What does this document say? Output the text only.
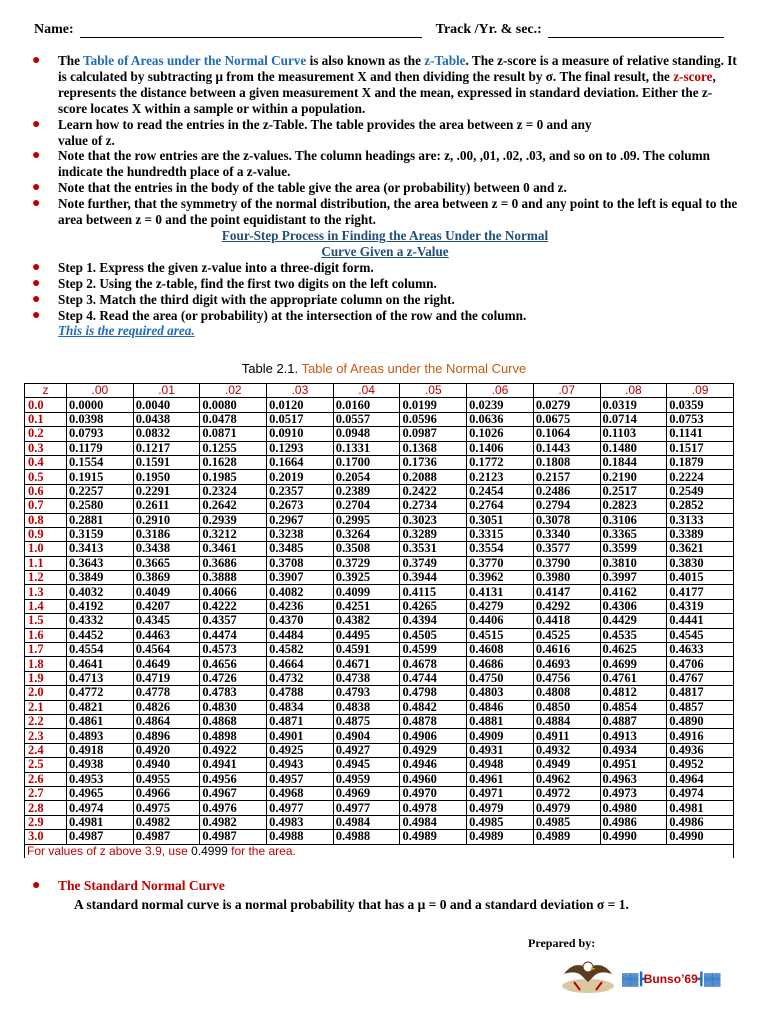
Name:	Track /Yr. & sec.:
● The Table of Areas under the Normal Curve is also known as the z-Table. The z-score is a measure of relative standing. It is calculated by subtracting μ from the measurement X and then dividing the result by σ. The final result, the z-score, represents the distance between a given measurement X and the mean, expressed in standard deviation. Either the z-score locates X within a sample or within a population.
● Learn how to read the entries in the z-Table. The table provides the area between z = 0 and any value of z.
● Note that the row entries are the z-values. The column headings are: z, .00, ,01, .02, .03, and so on to .09. The column indicate the hundredth place of a z-value.
● Note that the entries in the body of the table give the area (or probability) between 0 and z.
● Note further, that the symmetry of the normal distribution, the area between z = 0 and any point to the left is equal to the area between z = 0 and the point equidistant to the right.
Four-Step Process in Finding the Areas Under the Normal
Curve Given a z-Value
● Step 1. Express the given z-value into a three-digit form.
● Step 2. Using the z-table, find the first two digits on the left column.
● Step 3. Match the third digit with the appropriate column on the right.
● Step 4. Read the area (or probability) at the intersection of the row and the column.
This is the required area.
Table 2.1. Table of Areas under the Normal Curve
z	.00	.01	.02	.03	.04	.05	.06	.07	.08	.09
0.0	0.0000	0.0040	0.0080	0.0120	0.0160	0.0199	0.0239	0.0279	0.0319	0.0359
0.1	0.0398	0.0438	0.0478	0.0517	0.0557	0.0596	0.0636	0.0675	0.0714	0.0753
0.2	0.0793	0.0832	0.0871	0.0910	0.0948	0.0987	0.1026	0.1064	0.1103	0.1141
0.3	0.1179	0.1217	0.1255	0.1293	0.1331	0.1368	0.1406	0.1443	0.1480	0.1517
0.4	0.1554	0.1591	0.1628	0.1664	0.1700	0.1736	0.1772	0.1808	0.1844	0.1879
0.5	0.1915	0.1950	0.1985	0.2019	0.2054	0.2088	0.2123	0.2157	0.2190	0.2224
0.6	0.2257	0.2291	0.2324	0.2357	0.2389	0.2422	0.2454	0.2486	0.2517	0.2549
0.7	0.2580	0.2611	0.2642	0.2673	0.2704	0.2734	0.2764	0.2794	0.2823	0.2852
0.8	0.2881	0.2910	0.2939	0.2967	0.2995	0.3023	0.3051	0.3078	0.3106	0.3133
0.9	0.3159	0.3186	0.3212	0.3238	0.3264	0.3289	0.3315	0.3340	0.3365	0.3389
1.0	0.3413	0.3438	0.3461	0.3485	0.3508	0.3531	0.3554	0.3577	0.3599	0.3621
1.1	0.3643	0.3665	0.3686	0.3708	0.3729	0.3749	0.3770	0.3790	0.3810	0.3830
1.2	0.3849	0.3869	0.3888	0.3907	0.3925	0.3944	0.3962	0.3980	0.3997	0.4015
1.3	0.4032	0.4049	0.4066	0.4082	0.4099	0.4115	0.4131	0.4147	0.4162	0.4177
1.4	0.4192	0.4207	0.4222	0.4236	0.4251	0.4265	0.4279	0.4292	0.4306	0.4319
1.5	0.4332	0.4345	0.4357	0.4370	0.4382	0.4394	0.4406	0.4418	0.4429	0.4441
1.6	0.4452	0.4463	0.4474	0.4484	0.4495	0.4505	0.4515	0.4525	0.4535	0.4545
1.7	0.4554	0.4564	0.4573	0.4582	0.4591	0.4599	0.4608	0.4616	0.4625	0.4633
1.8	0.4641	0.4649	0.4656	0.4664	0.4671	0.4678	0.4686	0.4693	0.4699	0.4706
1.9	0.4713	0.4719	0.4726	0.4732	0.4738	0.4744	0.4750	0.4756	0.4761	0.4767
2.0	0.4772	0.4778	0.4783	0.4788	0.4793	0.4798	0.4803	0.4808	0.4812	0.4817
2.1	0.4821	0.4826	0.4830	0.4834	0.4838	0.4842	0.4846	0.4850	0.4854	0.4857
2.2	0.4861	0.4864	0.4868	0.4871	0.4875	0.4878	0.4881	0.4884	0.4887	0.4890
2.3	0.4893	0.4896	0.4898	0.4901	0.4904	0.4906	0.4909	0.4911	0.4913	0.4916
2.4	0.4918	0.4920	0.4922	0.4925	0.4927	0.4929	0.4931	0.4932	0.4934	0.4936
2.5	0.4938	0.4940	0.4941	0.4943	0.4945	0.4946	0.4948	0.4949	0.4951	0.4952
2.6	0.4953	0.4955	0.4956	0.4957	0.4959	0.4960	0.4961	0.4962	0.4963	0.4964
2.7	0.4965	0.4966	0.4967	0.4968	0.4969	0.4970	0.4971	0.4972	0.4973	0.4974
2.8	0.4974	0.4975	0.4976	0.4977	0.4977	0.4978	0.4979	0.4979	0.4980	0.4981
2.9	0.4981	0.4982	0.4982	0.4983	0.4984	0.4984	0.4985	0.4985	0.4986	0.4986
3.0	0.4987	0.4987	0.4987	0.4988	0.4988	0.4989	0.4989	0.4989	0.4990	0.4990
For values of z above 3.9, use 0.4999 for the area.										
● The Standard Normal Curve
A standard normal curve is a normal probability that has a μ = 0 and a standard deviation σ = 1.
Prepared by:
▓▓┣Bunso’69┫▓▓
